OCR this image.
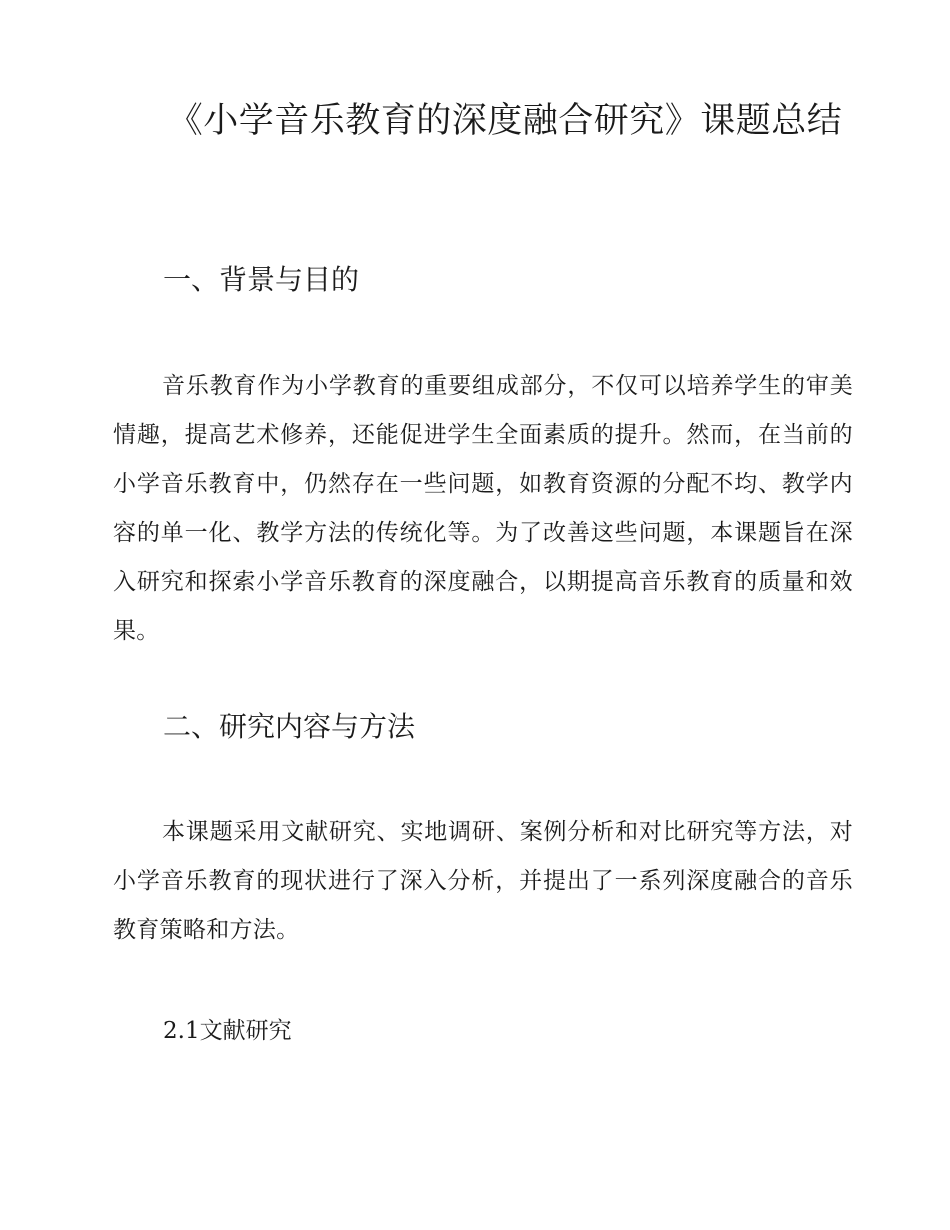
《小学音乐教育的深度融合研究》课题总结
一、背景与目的
音乐教育作为小学教育的重要组成部分，不仅可以培养学生的审美情趣，提高艺术修养，还能促进学生全面素质的提升。然而，在当前的小学音乐教育中，仍然存在一些问题，如教育资源的分配不均、教学内容的单一化、教学方法的传统化等。为了改善这些问题，本课题旨在深入研究和探索小学音乐教育的深度融合，以期提高音乐教育的质量和效果。
二、研究内容与方法
本课题采用文献研究、实地调研、案例分析和对比研究等方法，对小学音乐教育的现状进行了深入分析，并提出了一系列深度融合的音乐教育策略和方法。
2.1文献研究
